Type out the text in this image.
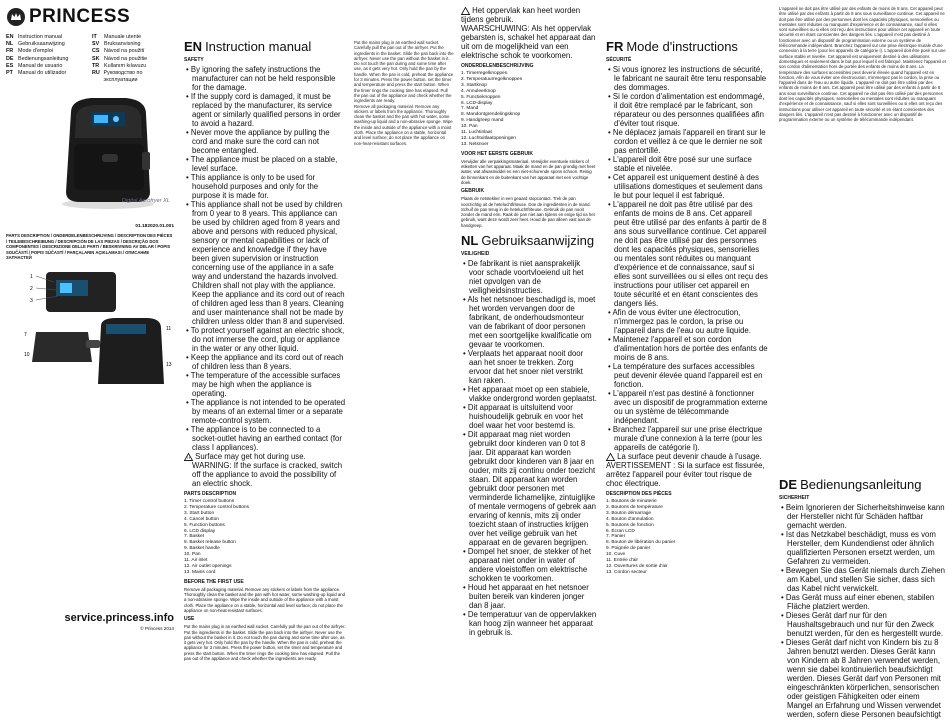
PRINCESS
EN Instruction manual	IT	Manuale utente
NL Gebruiksaanwijzing	SV Bruksanvisning
FR Mode d'emploi	CS Návod na použití
DE Bedienungsanleitung	SK Návod na použitie
ES Manual de usuario	TR Kullanım kılavuzu
PT Manual do utilizador	RU Руководство по эксплуатации
Digital Aerofryer XL
01.182020.01.001
PARTS DESCRIPTION / ONDERDELENBESCHRIJVING / DESCRIPTION DES PIÈCES / TEILEBESCHREIBUNG / DESCRIPCIÓN DE LAS PIEZAS / DESCRIÇÃO DOS COMPONENTES / DESCRIZIONE DELLE PARTI / BESKRIVNING AV DELAR / POPIS SOUČÁSTÍ / POPIS SÚČASTÍ / PARÇALARIN AÇIKLAMASI / ОПИСАНИЕ ЗАПЧАСТЕЙ
1
2
3
7
10
11
13
service.princess.info
© Princess 2014
EN Instruction manual
SAFETY
• By ignoring the safety instructions the manufacturer can not be held responsible for the damage.
• If the supply cord is damaged, it must be replaced by the manufacturer, its service agent or similarly qualified persons in order to avoid a hazard.
• Never move the appliance by pulling the cord and make sure the cord can not become entangled.
• The appliance must be placed on a stable, level surface.
• This appliance is only to be used for household purposes and only for the purpose it is made for.
• This appliance shall not be used by children from 0 year to 8 years. This appliance can be used by children aged from 8 years and above and persons with reduced physical, sensory or mental capabilities or lack of experience and knowledge if they have been given supervision or instruction concerning use of the appliance in a safe way and understand the hazards involved. Children shall not play with the appliance. Keep the appliance and its cord out of reach of children aged less than 8 years. Cleaning and user maintenance shall not be made by children unless older than 8 and supervised.
• To protect yourself against an electric shock, do not immerse the cord, plug or appliance in the water or any other liquid.
• Keep the appliance and its cord out of reach of children less than 8 years.
• The temperature of the accessible surfaces may be high when the appliance is operating.
• The appliance is not intended to be operated by means of an external timer or a separate remote-control system.
• The appliance is to be connected to a socket-outlet having an earthed contact (for class I appliances).
Surface may get hot during use.
WARNING: If the surface is cracked, switch off the appliance to avoid the possibility of an electric shock.
PARTS DESCRIPTION
1. Timer control buttons
2. Temperature control buttons
3. Start button
4. Cancel button
5. Function buttons
6. LCD display
7. Basket
8. Basket release button
9. Basket handle
10. Pan
11. Air inlet
12. Air outlet openings
13. Mains cord
BEFORE THE FIRST USE
Remove all packaging material. Remove any stickers or labels from the appliance. Thoroughly clean the basket and the pan with hot water, some washing-up liquid and a non-abrasive sponge. Wipe the inside and outside of the appliance with a moist cloth. Place the appliance on a stable, horizontal and level surface; do not place the appliance on non-heat-resistant surfaces.
USE
Put the mains plug in an earthed wall socket. Carefully pull the pan out of the airfryer. Put the ingredients in the basket. Slide the pan back into the airfryer. Never use the pan without the basket in it. Do not touch the pan during and some time after use, as it gets very hot. Only hold the pan by the handle. When the pan is cold, preheat the appliance for 3 minutes. Press the power button, set the timer and temperature and press the start button. When the timer rings the cooking time has elapsed. Pull the pan out of the appliance and check whether the ingredients are ready.
Put the mains plug in an earthed wall socket. Carefully pull the pan out of the airfryer. Put the ingredients in the basket. Slide the pan back into the airfryer. Never use the pan without the basket in it. Do not touch the pan during and some time after use, as it gets very hot. Only hold the pan by the handle. When the pan is cold, preheat the appliance for 3 minutes. Press the power button, set the timer and temperature and press the start button. When the timer rings the cooking time has elapsed. Pull the pan out of the appliance and check whether the ingredients are ready.
Remove all packaging material. Remove any stickers or labels from the appliance. Thoroughly clean the basket and the pan with hot water, some washing-up liquid and a non-abrasive sponge. Wipe the inside and outside of the appliance with a moist cloth. Place the appliance on a stable, horizontal and level surface; do not place the appliance on non-heat-resistant surfaces.
Het oppervlak kan heet worden tijdens gebruik.
WAARSCHUWING: Als het oppervlak gebarsten is, schakel het apparaat dan uit om de mogelijkheid van een elektrische schok te voorkomen.
ONDERDELENBESCHRIJVING
1. Timerregelknoppen
2. Temperatuurregelknoppen
3. Startknop
4. Annuleerknop
5. Functieknoppen
6. LCD-display
7. Mand
8. Mandontgrendelingsknop
9. Handgreep mand
10. Pan
11. Luchtinlaat
12. Luchtuitlaatopeningen
13. Netsnoer
VOOR HET EERSTE GEBRUIK
Verwijder alle verpakkingsmateriaal. Verwijder eventuele stickers of etiketten van het apparaat. Maak de mand en de pan grondig met heet water, wat afwasmiddel en een niet-schurende spons schoon. Reinig de binnenkant en de buitenkant van het apparaat met een vochtige doek.
GEBRUIK
Plaats de netstekker in een geaard stopcontact. Trek de pan voorzichtig uit de heteluchtfriteuse. Doe de ingrediënten in de mand. Schuif de pan terug in de heteluchtfriteuse. Gebruik de pan nooit zonder de mand erin. Raak de pan niet aan tijdens en enige tijd na het gebruik, want deze wordt zeer heet. Houd de pan alleen vast aan de handgreep.
NL Gebruiksaanwijzing
VEILIGHEID
• De fabrikant is niet aansprakelijk voor schade voortvloeiend uit het niet opvolgen van de veiligheidsinstructies.
• Als het netsnoer beschadigd is, moet het worden vervangen door de fabrikant, de onderhoudsmonteur van de fabrikant of door personen met een soortgelijke kwalificatie om gevaar te voorkomen.
• Verplaats het apparaat nooit door aan het snoer te trekken. Zorg ervoor dat het snoer niet verstrikt kan raken.
• Het apparaat moet op een stabiele, vlakke ondergrond worden geplaatst.
• Dit apparaat is uitsluitend voor huishoudelijk gebruik en voor het doel waar het voor bestemd is.
• Dit apparaat mag niet worden gebruikt door kinderen van 0 tot 8 jaar. Dit apparaat kan worden gebruikt door kinderen van 8 jaar en ouder, mits zij continu onder toezicht staan. Dit apparaat kan worden gebruikt door personen met verminderde lichamelijke, zintuiglijke of mentale vermogens of gebrek aan ervaring of kennis, mits zij onder toezicht staan of instructies krijgen over het veilige gebruik van het apparaat en de gevaren begrijpen.
• Dompel het snoer, de stekker of het apparaat niet onder in water of andere vloeistoffen om elektrische schokken te voorkomen.
• Houd het apparaat en het netsnoer buiten bereik van kinderen jonger dan 8 jaar.
• De temperatuur van de oppervlakken kan hoog zijn wanneer het apparaat in gebruik is.
FR Mode d'instructions
SÉCURITÉ
• Si vous ignorez les instructions de sécurité, le fabricant ne saurait être tenu responsable des dommages.
• Si le cordon d'alimentation est endommagé, il doit être remplacé par le fabricant, son réparateur ou des personnes qualifiées afin d'éviter tout risque.
• Ne déplacez jamais l'appareil en tirant sur le cordon et veillez à ce que le dernier ne soit pas entortillé.
• L'appareil doit être posé sur une surface stable et nivelée.
• Cet appareil est uniquement destiné à des utilisations domestiques et seulement dans le but pour lequel il est fabriqué.
• L'appareil ne doit pas être utilisé par des enfants de moins de 8 ans. Cet appareil peut être utilisé par des enfants à partir de 8 ans sous surveillance continue. Cet appareil ne doit pas être utilisé par des personnes dont les capacités physiques, sensorielles ou mentales sont réduites ou manquant d'expérience et de connaissance, sauf si elles sont surveillées ou si elles ont reçu des instructions pour utiliser cet appareil en toute sécurité et en étant conscientes des dangers liés.
• Afin de vous éviter une électrocution, n'immergez pas le cordon, la prise ou l'appareil dans de l'eau ou autre liquide.
• Maintenez l'appareil et son cordon d'alimentation hors de portée des enfants de moins de 8 ans.
• La température des surfaces accessibles peut devenir élevée quand l'appareil est en fonction.
• L'appareil n'est pas destiné à fonctionner avec un dispositif de programmation externe ou un système de télécommande indépendant.
• Branchez l'appareil sur une prise électrique murale d'une connexion à la terre (pour les appareils de catégorie I).
La surface peut devenir chaude à l'usage.
AVERTISSEMENT : Si la surface est fissurée, arrêtez l'appareil pour éviter tout risque de choc électrique.
DESCRIPTION DES PIÈCES
1. Boutons de minuterie
2. Boutons de température
3. Bouton démarrage
4. Bouton d'annulation
5. Boutons de fonction
6. Écran LCD
7. Panier
8. Bouton de libération du panier
9. Poignée de panier
10. Cuve
11. Entrée d'air
12. Ouvertures de sortie d'air
13. Cordon secteur
L'appareil ne doit pas être utilisé par des enfants de moins de 8 ans. Cet appareil peut être utilisé par des enfants à partir de 8 ans sous surveillance continue. Cet appareil ne doit pas être utilisé par des personnes dont les capacités physiques, sensorielles ou mentales sont réduites ou manquant d'expérience et de connaissance, sauf si elles sont surveillées ou si elles ont reçu des instructions pour utiliser cet appareil en toute sécurité et en étant conscientes des dangers liés. L'appareil n'est pas destiné à fonctionner avec un dispositif de programmation externe ou un système de télécommande indépendant. Branchez l'appareil sur une prise électrique murale d'une connexion à la terre (pour les appareils de catégorie I). L'appareil doit être posé sur une surface stable et nivelée. Cet appareil est uniquement destiné à des utilisations domestiques et seulement dans le but pour lequel il est fabriqué. Maintenez l'appareil et son cordon d'alimentation hors de portée des enfants de moins de 8 ans. La température des surfaces accessibles peut devenir élevée quand l'appareil est en fonction. Afin de vous éviter une électrocution, n'immergez pas le cordon, la prise ou l'appareil dans de l'eau ou autre liquide. L'appareil ne doit pas être utilisé par des enfants de moins de 8 ans. Cet appareil peut être utilisé par des enfants à partir de 8 ans sous surveillance continue. Cet appareil ne doit pas être utilisé par des personnes dont les capacités physiques, sensorielles ou mentales sont réduites ou manquant d'expérience et de connaissance, sauf si elles sont surveillées ou si elles ont reçu des instructions pour utiliser cet appareil en toute sécurité et en étant conscientes des dangers liés. L'appareil n'est pas destiné à fonctionner avec un dispositif de programmation externe ou un système de télécommande indépendant.
DE Bedienungsanleitung
SICHERHEIT
• Beim Ignorieren der Sicherheitshinweise kann der Hersteller nicht für Schäden haftbar gemacht werden.
• Ist das Netzkabel beschädigt, muss es vom Hersteller, dem Kundendienst oder ähnlich qualifizierten Personen ersetzt werden, um Gefahren zu vermeiden.
• Bewegen Sie das Gerät niemals durch Ziehen am Kabel, und stellen Sie sicher, dass sich das Kabel nicht verwickelt.
• Das Gerät muss auf einer ebenen, stabilen Fläche platziert werden.
• Dieses Gerät darf nur für den Haushaltsgebrauch und nur für den Zweck benutzt werden, für den es hergestellt wurde.
• Dieses Gerät darf nicht von Kindern bis zu 8 Jahren benutzt werden. Dieses Gerät kann von Kindern ab 8 Jahren verwendet werden, wenn sie dabei kontinuierlich beaufsichtigt werden. Dieses Gerät darf von Personen mit eingeschränkten körperlichen, sensorischen oder geistigen Fähigkeiten oder einem Mangel an Erfahrung und Wissen verwendet werden, sofern diese Personen beaufsichtigt
